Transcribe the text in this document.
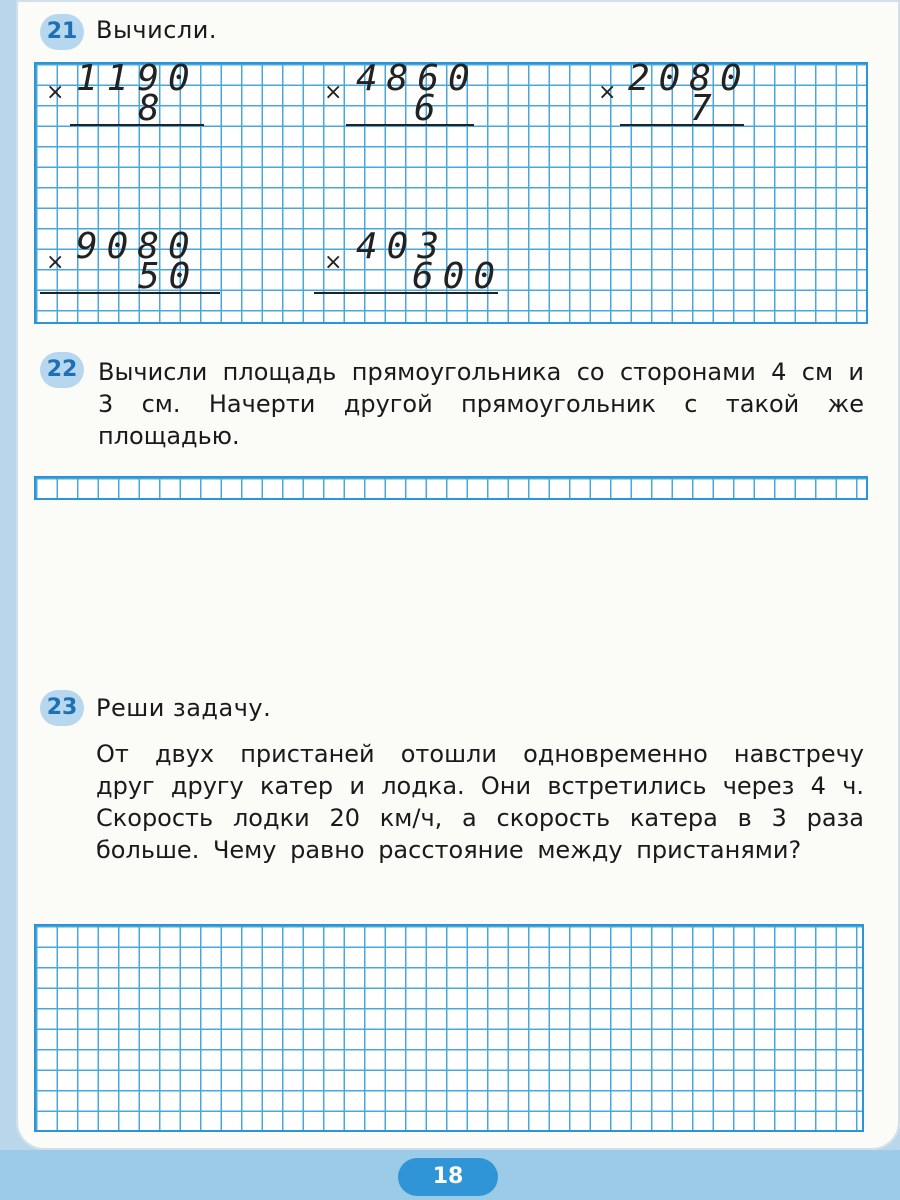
21 Вычисли.
× 1190
8	× 4860
6	× 2080
7
× 9080
50	× 403
600
22 Вычисли площадь прямоугольника со сторонами 4 см и 3 см. Начерти другой прямоугольник с такой же площадью.
23 Реши задачу.
От двух пристаней отошли одновременно навстречу друг другу катер и лодка. Они встретились через 4 ч. Скорость лодки 20 км/ч, а скорость катера в 3 раза больше. Чему равно расстояние между пристанями?
18
